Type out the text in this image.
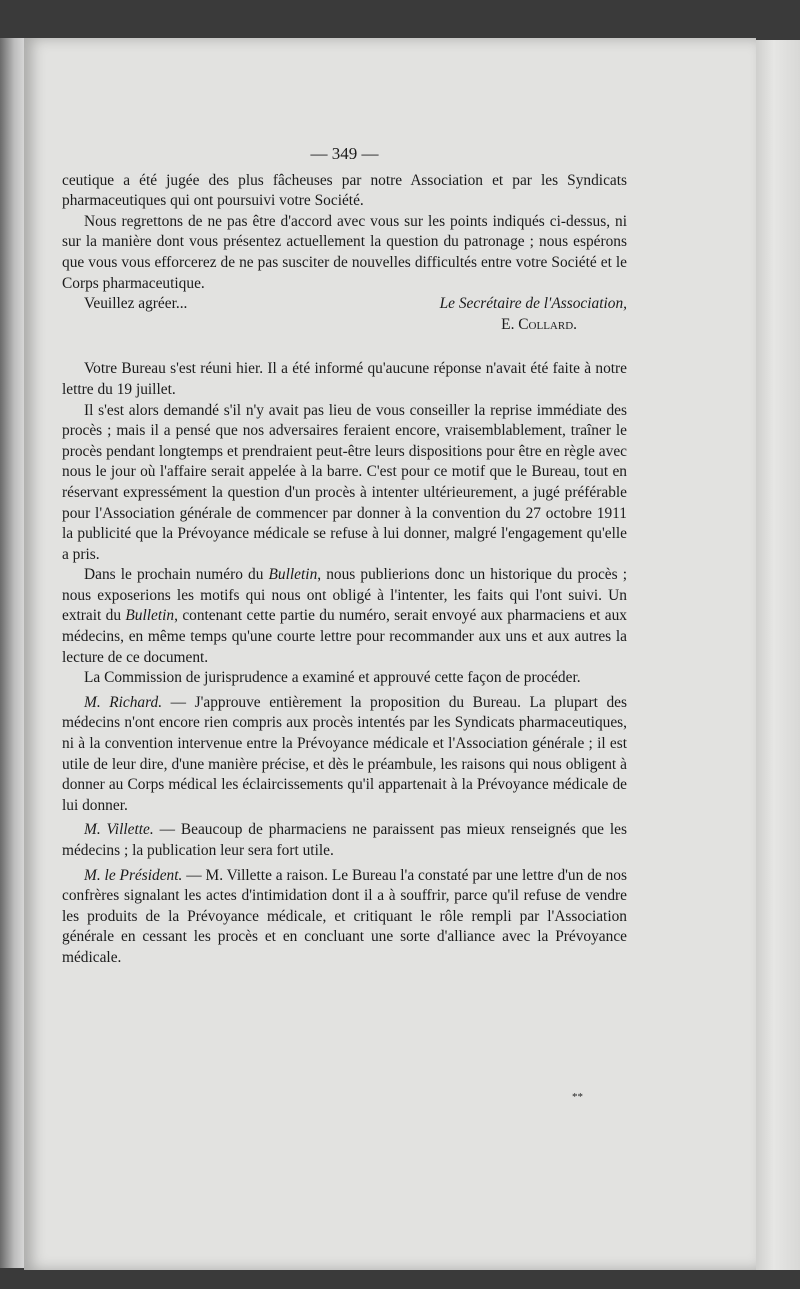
— 349 —

ceutique a été jugée des plus fâcheuses par notre Association et par les Syndicats pharmaceutiques qui ont poursuivi votre Société.

Nous regrettons de ne pas être d'accord avec vous sur les points indiqués ci-dessus, ni sur la manière dont vous présentez actuellement la question du patronage ; nous espérons que vous vous efforcerez de ne pas susciter de nouvelles difficultés entre votre Société et le Corps pharmaceutique.

Veuillez agréer...	Le Secrétaire de l'Association,
E. Collard.

Votre Bureau s'est réuni hier. Il a été informé qu'aucune réponse n'avait été faite à notre lettre du 19 juillet.

Il s'est alors demandé s'il n'y avait pas lieu de vous conseiller la reprise immédiate des procès ; mais il a pensé que nos adversaires feraient encore, vraisemblablement, traîner le procès pendant longtemps et prendraient peut-être leurs dispositions pour être en règle avec nous le jour où l'affaire serait appelée à la barre. C'est pour ce motif que le Bureau, tout en réservant expressément la question d'un procès à intenter ultérieurement, a jugé préférable pour l'Association générale de commencer par donner à la convention du 27 octobre 1911 la publicité que la Prévoyance médicale se refuse à lui donner, malgré l'engagement qu'elle a pris.

Dans le prochain numéro du Bulletin, nous publierions donc un historique du procès ; nous exposerions les motifs qui nous ont obligé à l'intenter, les faits qui l'ont suivi. Un extrait du Bulletin, contenant cette partie du numéro, serait envoyé aux pharmaciens et aux médecins, en même temps qu'une courte lettre pour recommander aux uns et aux autres la lecture de ce document.

La Commission de jurisprudence a examiné et approuvé cette façon de procéder.

M. Richard. — J'approuve entièrement la proposition du Bureau. La plupart des médecins n'ont encore rien compris aux procès intentés par les Syndicats pharmaceutiques, ni à la convention intervenue entre la Prévoyance médicale et l'Association générale ; il est utile de leur dire, d'une manière précise, et dès le préambule, les raisons qui nous obligent à donner au Corps médical les éclaircissements qu'il appartenait à la Prévoyance médicale de lui donner.

M. Villette. — Beaucoup de pharmaciens ne paraissent pas mieux renseignés que les médecins ; la publication leur sera fort utile.

M. le Président. — M. Villette a raison. Le Bureau l'a constaté par une lettre d'un de nos confrères signalant les actes d'intimidation dont il a à souffrir, parce qu'il refuse de vendre les produits de la Prévoyance médicale, et critiquant le rôle rempli par l'Association générale en cessant les procès et en concluant une sorte d'alliance avec la Prévoyance médicale.

**
